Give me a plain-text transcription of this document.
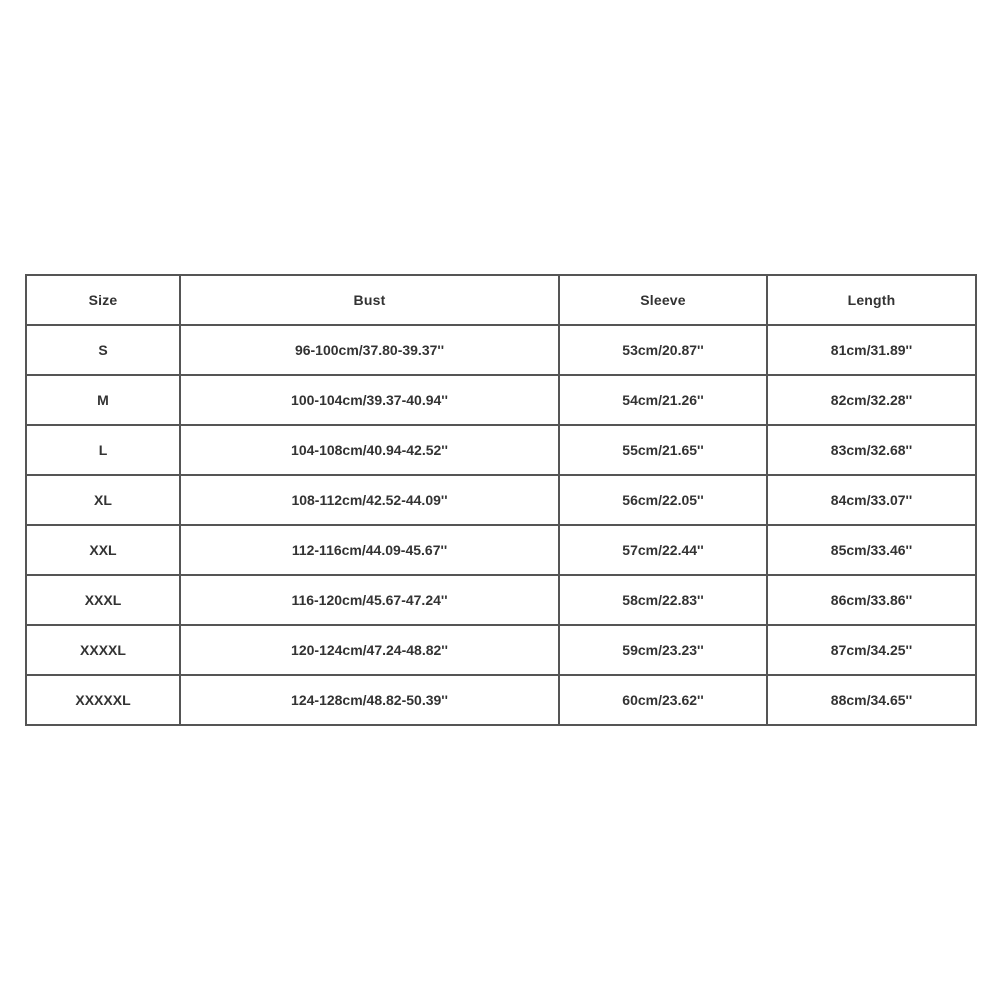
Size	Bust	Sleeve	Length
S	96-100cm/37.80-39.37''	53cm/20.87''	81cm/31.89''
M	100-104cm/39.37-40.94''	54cm/21.26''	82cm/32.28''
L	104-108cm/40.94-42.52''	55cm/21.65''	83cm/32.68''
XL	108-112cm/42.52-44.09''	56cm/22.05''	84cm/33.07''
XXL	112-116cm/44.09-45.67''	57cm/22.44''	85cm/33.46''
XXXL	116-120cm/45.67-47.24''	58cm/22.83''	86cm/33.86''
XXXXL	120-124cm/47.24-48.82''	59cm/23.23''	87cm/34.25''
XXXXXL	124-128cm/48.82-50.39''	60cm/23.62''	88cm/34.65''
